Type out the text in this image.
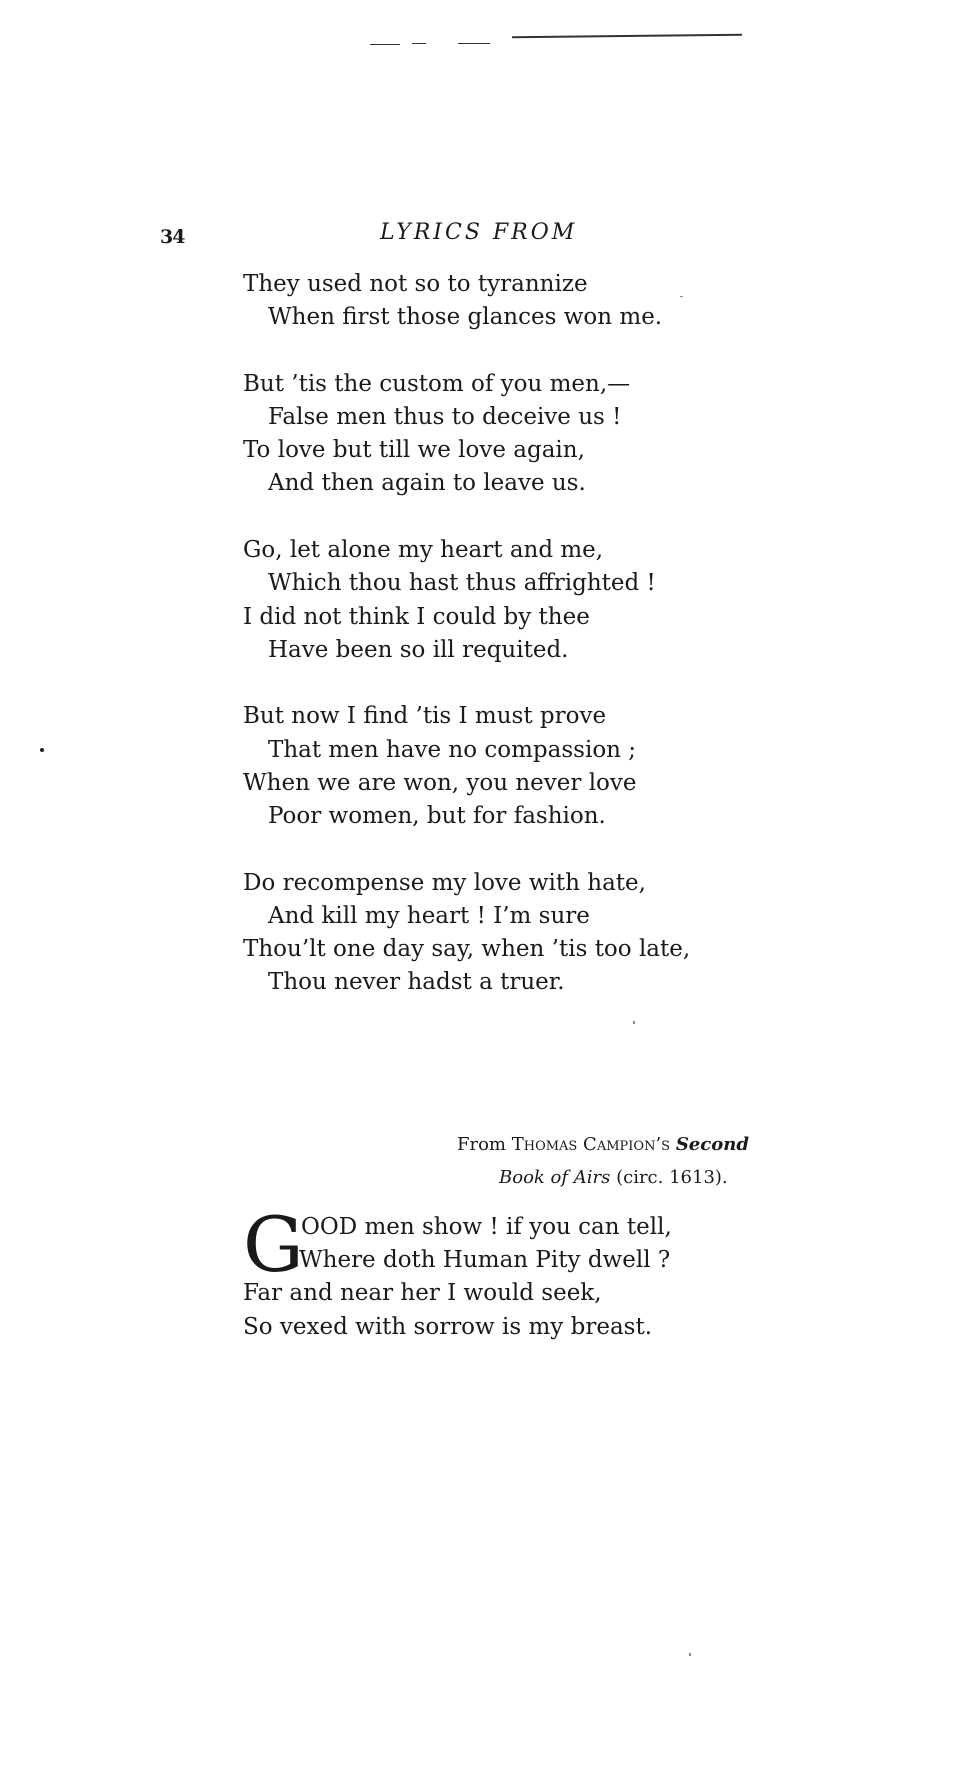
34	LYRICS FROM
They used not so to tyrannize
When first those glances won me.
But ’tis the custom of you men,—
False men thus to deceive us !
To love but till we love again,
And then again to leave us.
Go, let alone my heart and me,
Which thou hast thus affrighted !
I did not think I could by thee
Have been so ill requited.
But now I find ’tis I must prove
That men have no compassion ;
When we are won, you never love
Poor women, but for fashion.
Do recompense my love with hate,
And kill my heart ! I’m sure
Thou’lt one day say, when ’tis too late,
Thou never hadst a truer.
From Thomas Campion’s Second
Book of Airs (circ. 1613).
G
OOD men show ! if you can tell,
Where doth Human Pity dwell ?
Far and near her I would seek,
So vexed with sorrow is my breast.
